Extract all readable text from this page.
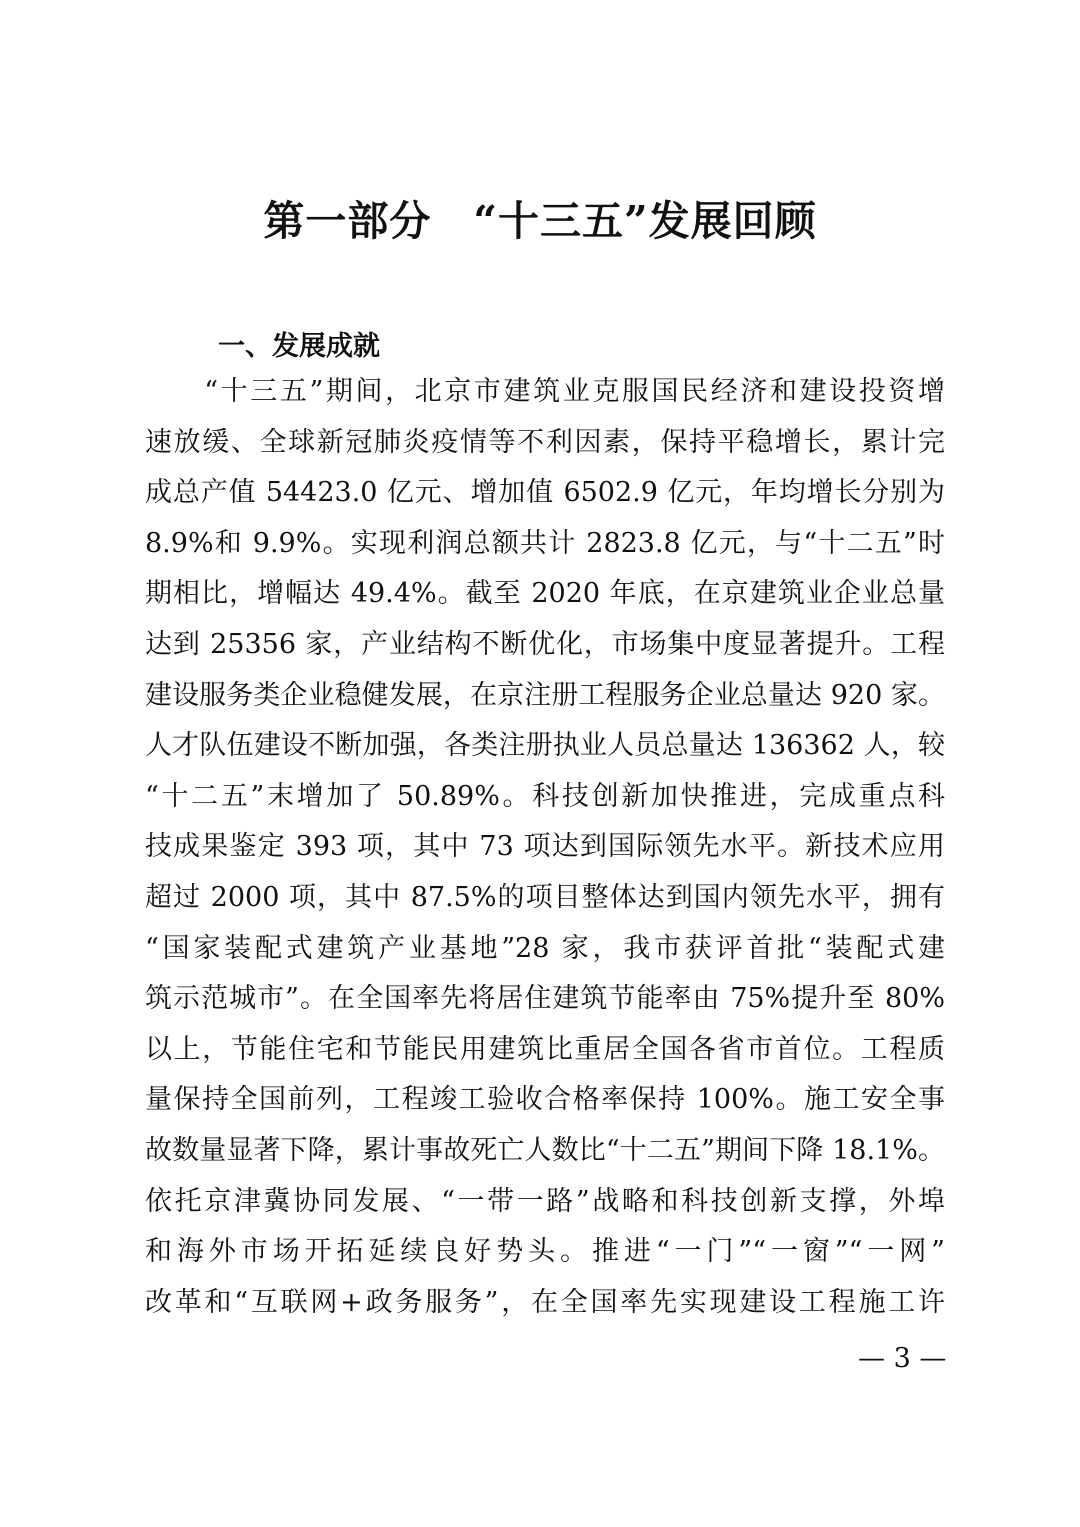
第一部分　“十三五”发展回顾
一、发展成就
　　“十三五”期间，北京市建筑业克服国民经济和建设投资增
速放缓、全球新冠肺炎疫情等不利因素，保持平稳增长，累计完
成总产值 54423.0 亿元、增加值 6502.9 亿元，年均增长分别为
8.9%和 9.9%。实现利润总额共计 2823.8 亿元，与“十二五”时
期相比，增幅达 49.4%。截至 2020 年底，在京建筑业企业总量
达到 25356 家，产业结构不断优化，市场集中度显著提升。工程
建设服务类企业稳健发展，在京注册工程服务企业总量达 920 家。
人才队伍建设不断加强，各类注册执业人员总量达 136362 人，较
“十二五”末增加了 50.89%。科技创新加快推进，完成重点科
技成果鉴定 393 项，其中 73 项达到国际领先水平。新技术应用
超过 2000 项，其中 87.5%的项目整体达到国内领先水平，拥有
“国家装配式建筑产业基地”28 家，我市获评首批“装配式建
筑示范城市”。在全国率先将居住建筑节能率由 75%提升至 80%
以上，节能住宅和节能民用建筑比重居全国各省市首位。工程质
量保持全国前列，工程竣工验收合格率保持 100%。施工安全事
故数量显著下降，累计事故死亡人数比“十二五”期间下降 18.1%。
依托京津冀协同发展、“一带一路”战略和科技创新支撑，外埠
和海外市场开拓延续良好势头。推进“一门”“一窗”“一网”
改革和“互联网+政务服务”，在全国率先实现建设工程施工许
— 3 —
